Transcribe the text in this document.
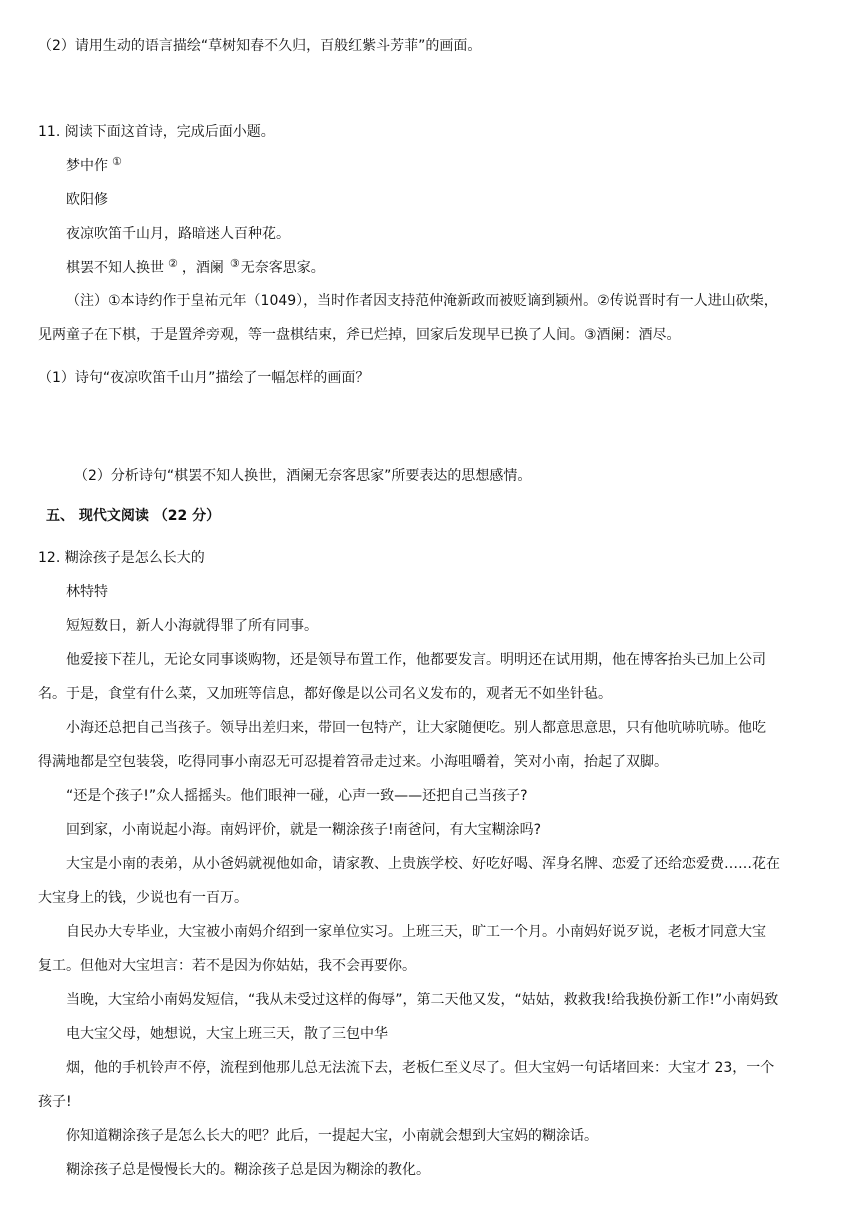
（2）请用生动的语言描绘“草树知春不久归，百般红紫斗芳菲”的画面。
11. 阅读下面这首诗，完成后面小题。
梦中作 ①
欧阳修
夜凉吹笛千山月，路暗迷人百种花。
棋罢不知人换世 ② ，酒阑 ③无奈客思家。
（注）①本诗约作于皇祐元年（1049），当时作者因支持范仲淹新政而被贬谪到颍州。②传说晋时有一人进山砍柴，
见两童子在下棋，于是置斧旁观，等一盘棋结束，斧已烂掉，回家后发现早已换了人间。③酒阑：酒尽。
（1）诗句“夜凉吹笛千山月”描绘了一幅怎样的画面？
（2）分析诗句“棋罢不知人换世，酒阑无奈客思家”所要表达的思想感情。
五、 现代文阅读 （22 分）
12. 糊涂孩子是怎么长大的
林特特
短短数日，新人小海就得罪了所有同事。
他爱接下茬儿，无论女同事谈购物，还是领导布置工作，他都要发言。明明还在试用期，他在博客抬头已加上公司
名。于是，食堂有什么菜，又加班等信息，都好像是以公司名义发布的，观者无不如坐针毡。
小海还总把自己当孩子。领导出差归来，带回一包特产，让大家随便吃。别人都意思意思，只有他吭哧吭哧。他吃
得满地都是空包装袋，吃得同事小南忍无可忍提着笤帚走过来。小海咀嚼着，笑对小南，抬起了双脚。
“还是个孩子!”众人摇摇头。他们眼神一碰，心声一致——还把自己当孩子?
回到家，小南说起小海。南妈评价，就是一糊涂孩子!南爸问，有大宝糊涂吗?
大宝是小南的表弟，从小爸妈就视他如命，请家教、上贵族学校、好吃好喝、浑身名牌、恋爱了还给恋爱费……花在
大宝身上的钱，少说也有一百万。
自民办大专毕业，大宝被小南妈介绍到一家单位实习。上班三天，旷工一个月。小南妈好说歹说，老板才同意大宝
复工。但他对大宝坦言：若不是因为你姑姑，我不会再要你。
当晚，大宝给小南妈发短信，“我从未受过这样的侮辱”，第二天他又发，“姑姑，救救我!给我换份新工作!”小南妈致
电大宝父母，她想说，大宝上班三天，散了三包中华
烟，他的手机铃声不停，流程到他那儿总无法流下去，老板仁至义尽了。但大宝妈一句话堵回来：大宝才 23，一个
孩子!
你知道糊涂孩子是怎么长大的吧？此后，一提起大宝，小南就会想到大宝妈的糊涂话。
糊涂孩子总是慢慢长大的。糊涂孩子总是因为糊涂的教化。
